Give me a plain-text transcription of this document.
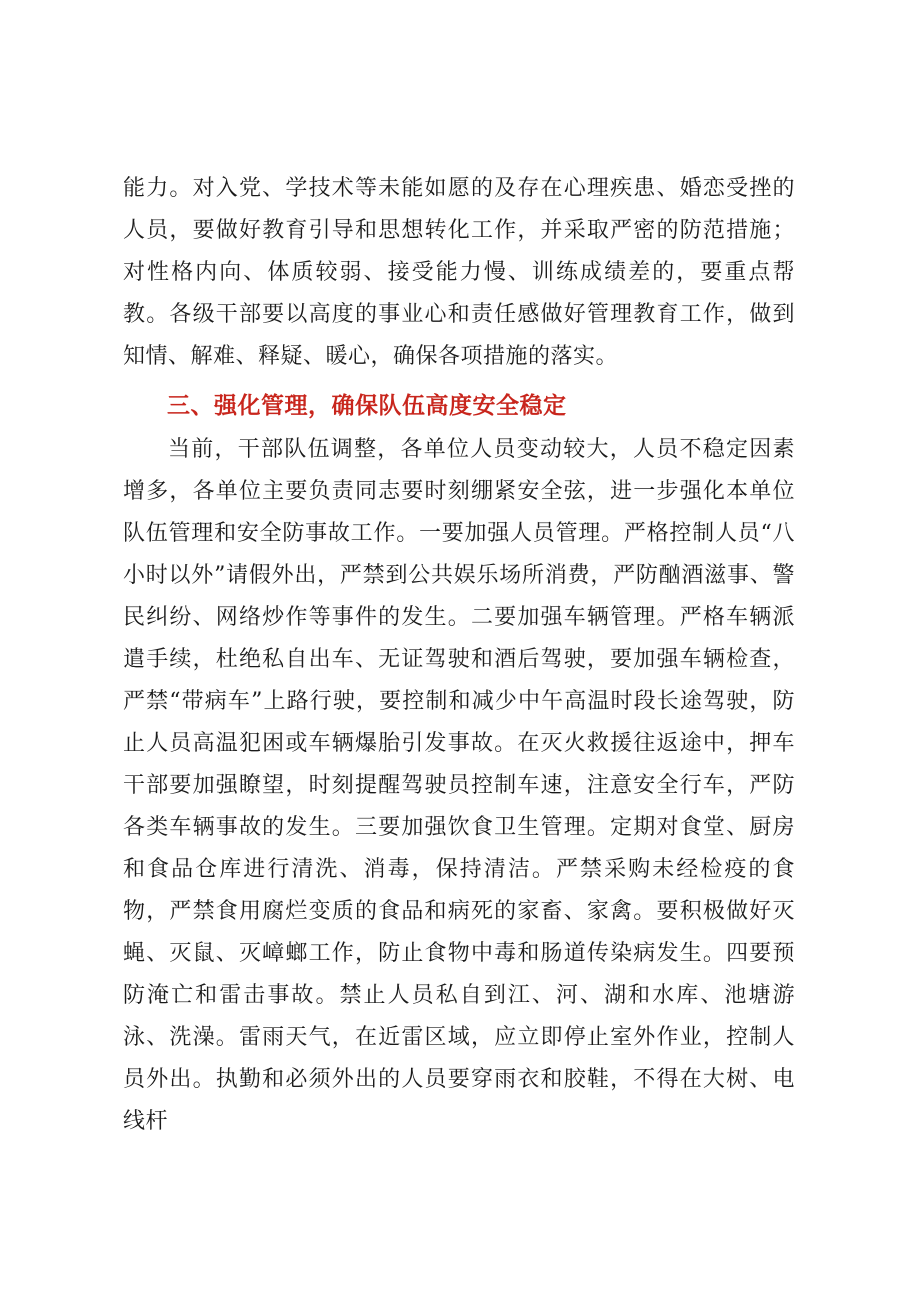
能力。对入党、学技术等未能如愿的及存在心理疾患、婚恋受挫的人员，要做好教育引导和思想转化工作，并采取严密的防范措施；对性格内向、体质较弱、接受能力慢、训练成绩差的，要重点帮教。各级干部要以高度的事业心和责任感做好管理教育工作，做到知情、解难、释疑、暖心，确保各项措施的落实。

三、强化管理，确保队伍高度安全稳定

当前，干部队伍调整，各单位人员变动较大，人员不稳定因素增多，各单位主要负责同志要时刻绷紧安全弦，进一步强化本单位队伍管理和安全防事故工作。一要加强人员管理。严格控制人员“八小时以外”请假外出，严禁到公共娱乐场所消费，严防酗酒滋事、警民纠纷、网络炒作等事件的发生。二要加强车辆管理。严格车辆派遣手续，杜绝私自出车、无证驾驶和酒后驾驶，要加强车辆检查，严禁“带病车”上路行驶，要控制和减少中午高温时段长途驾驶，防止人员高温犯困或车辆爆胎引发事故。在灭火救援往返途中，押车干部要加强瞭望，时刻提醒驾驶员控制车速，注意安全行车，严防各类车辆事故的发生。三要加强饮食卫生管理。定期对食堂、厨房和食品仓库进行清洗、消毒，保持清洁。严禁采购未经检疫的食物，严禁食用腐烂变质的食品和病死的家畜、家禽。要积极做好灭蝇、灭鼠、灭嶂螂工作，防止食物中毒和肠道传染病发生。四要预防淹亡和雷击事故。禁止人员私自到江、河、湖和水库、池塘游泳、洗澡。雷雨天气，在近雷区域，应立即停止室外作业，控制人员外出。执勤和必须外出的人员要穿雨衣和胶鞋，不得在大树、电线杆
